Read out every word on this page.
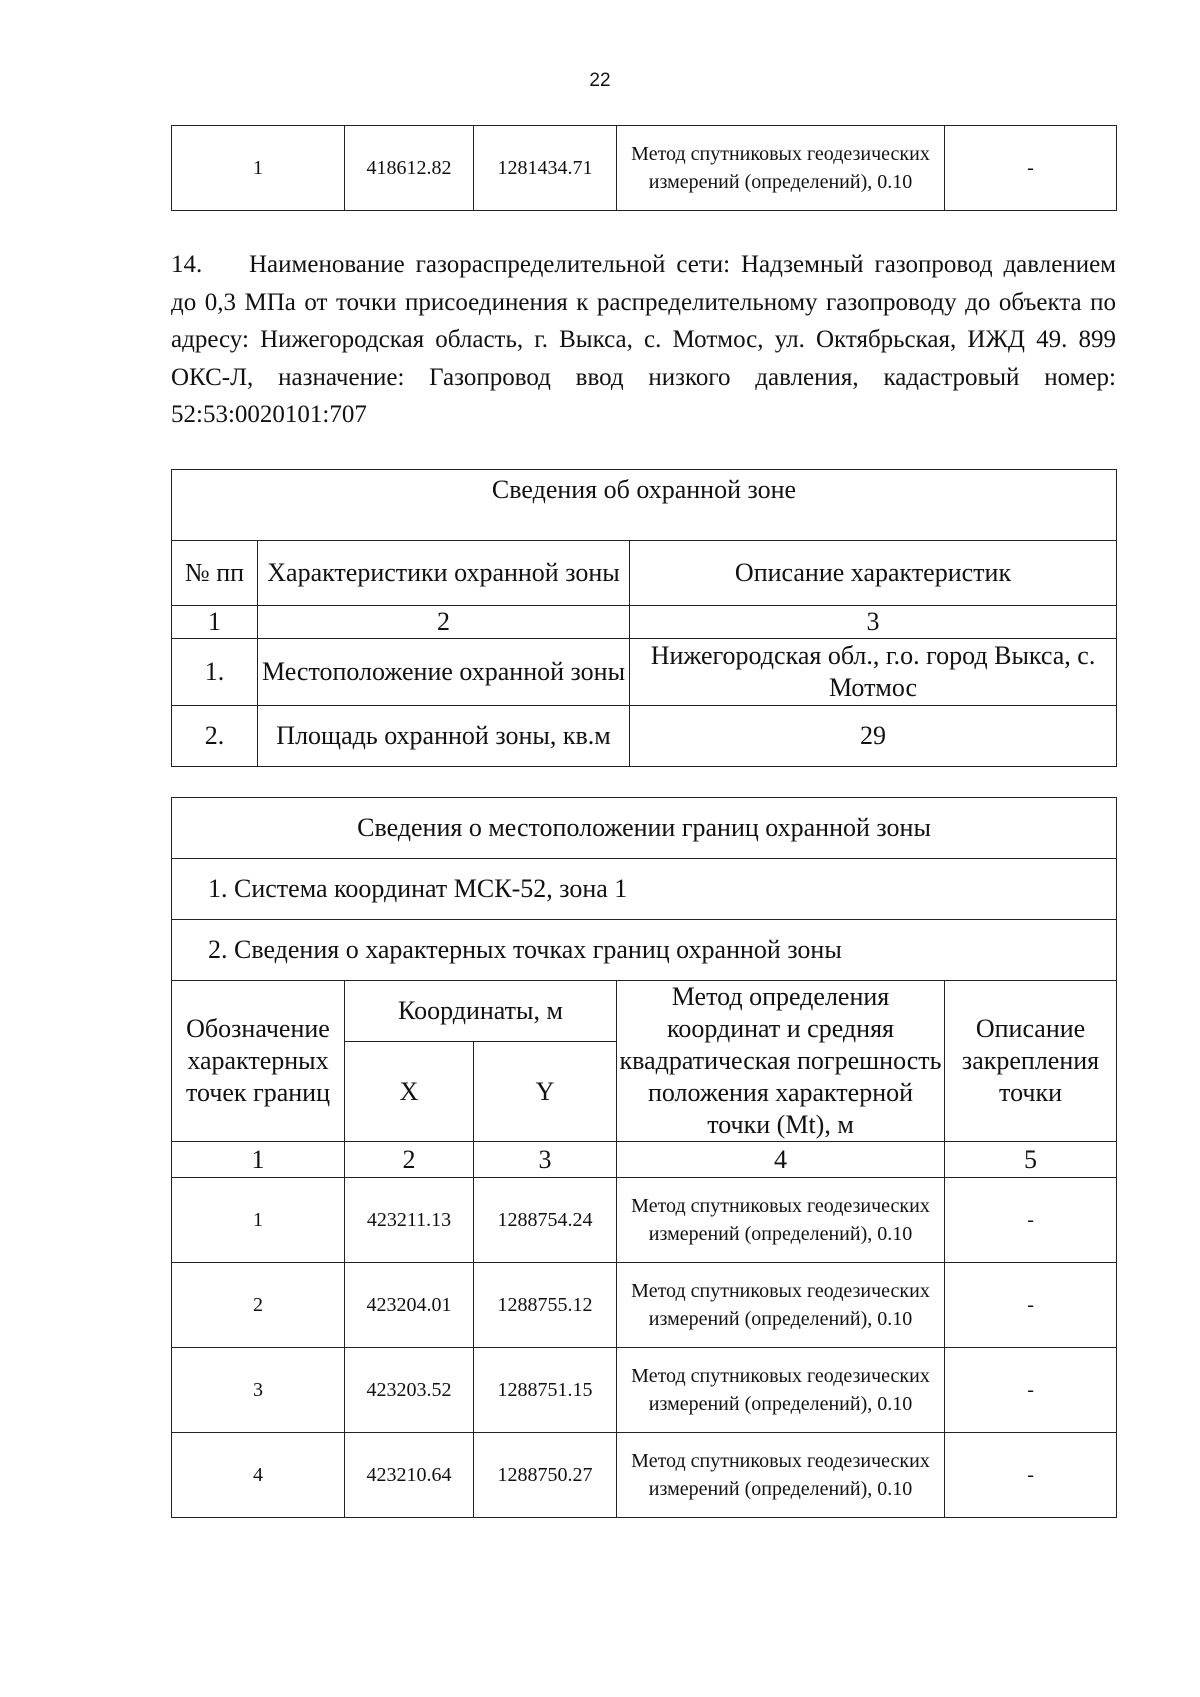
22
1	418612.82	1281434.71	Метод спутниковых геодезических измерений (определений), 0.10	-
14. Наименование газораспределительной сети: Надземный газопровод давлением до 0,3 МПа от точки присоединения к распределительному газопроводу до объекта по адресу: Нижегородская область, г. Выкса, с. Мотмос, ул. Октябрьская, ИЖД 49. 899 ОКС-Л, назначение: Газопровод ввод низкого давления, кадастровый номер: 52:53:0020101:707
Сведения об охранной зоне		
№ пп	Характеристики охранной зоны	Описание характеристик
1	2	3
1.	Местоположение охранной зоны	Нижегородская обл., г.о. город Выкса, с. Мотмос
2.	Площадь охранной зоны, кв.м	29
Сведения о местоположении границ охранной зоны				
1. Система координат МСК-52, зона 1				
2. Сведения о характерных точках границ охранной зоны				
Обозначение характерных точек границ	Координаты, м		Метод определения координат и средняя квадратическая погрешность положения характерной точки (Mt), м	Описание закрепления точки
	X	Y		
1	2	3	4	5
1	423211.13	1288754.24	Метод спутниковых геодезических измерений (определений), 0.10	-
2	423204.01	1288755.12	Метод спутниковых геодезических измерений (определений), 0.10	-
3	423203.52	1288751.15	Метод спутниковых геодезических измерений (определений), 0.10	-
4	423210.64	1288750.27	Метод спутниковых геодезических измерений (определений), 0.10	-
